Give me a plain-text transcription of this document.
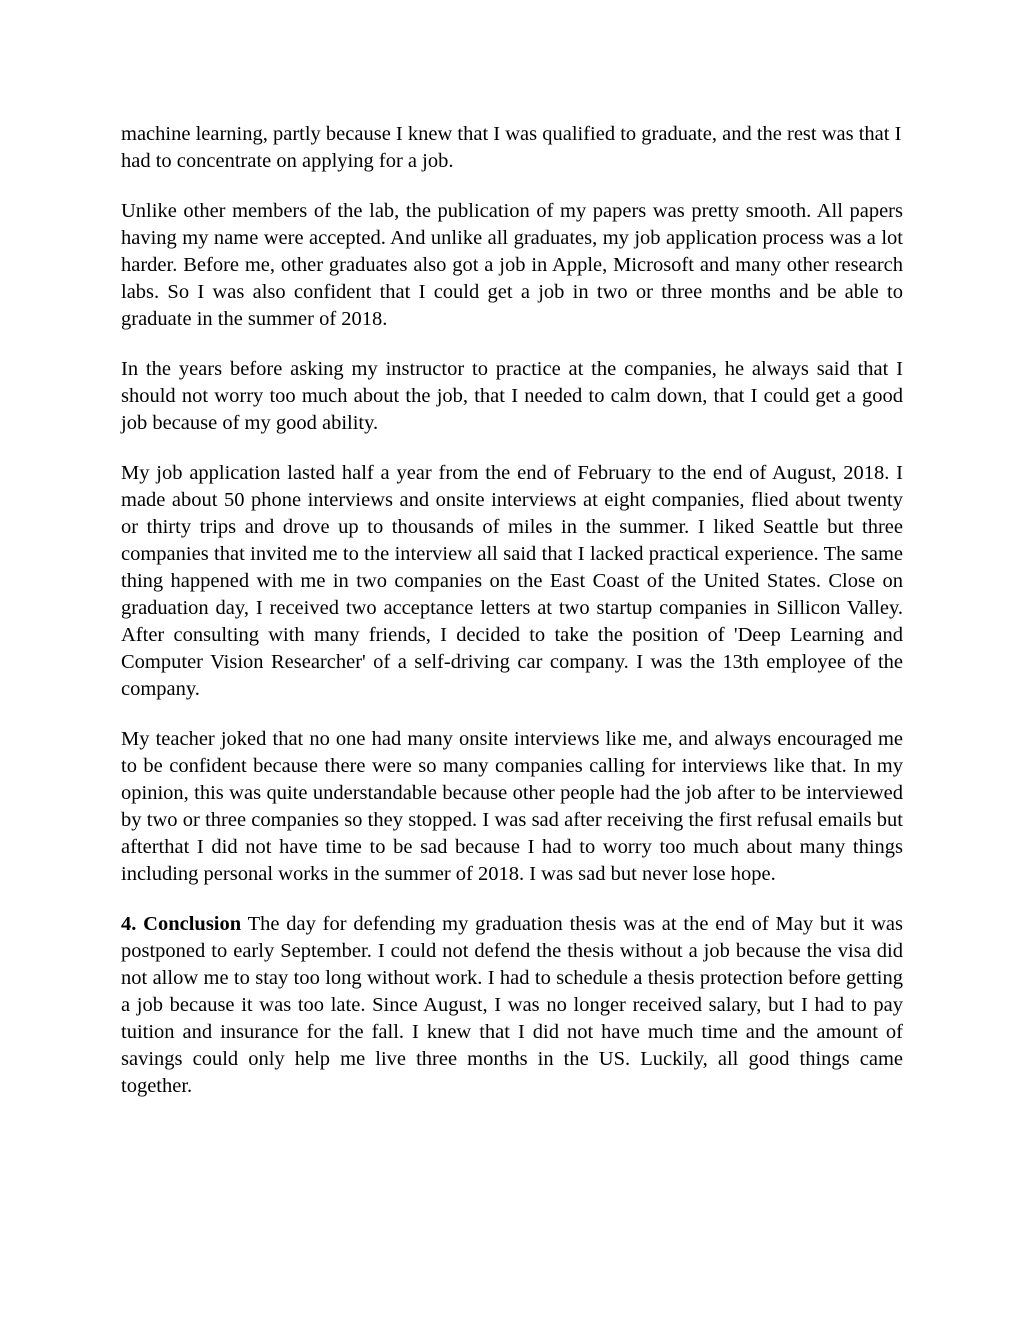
machine learning, partly because I knew that I was qualified to graduate, and the rest was that I had to concentrate on applying for a job.

Unlike other members of the lab, the publication of my papers was pretty smooth. All papers having my name were accepted. And unlike all graduates, my job application process was a lot harder. Before me, other graduates also got a job in Apple, Microsoft and many other research labs. So I was also confident that I could get a job in two or three months and be able to graduate in the summer of 2018.

In the years before asking my instructor to practice at the companies, he always said that I should not worry too much about the job, that I needed to calm down, that I could get a good job because of my good ability.

My job application lasted half a year from the end of February to the end of August, 2018. I made about 50 phone interviews and onsite interviews at eight companies, flied about twenty or thirty trips and drove up to thousands of miles in the summer. I liked Seattle but three companies that invited me to the interview all said that I lacked practical experience. The same thing happened with me in two companies on the East Coast of the United States. Close on graduation day, I received two acceptance letters at two startup companies in Sillicon Valley. After consulting with many friends, I decided to take the position of 'Deep Learning and Computer Vision Researcher' of a self-driving car company. I was the 13th employee of the company.

My teacher joked that no one had many onsite interviews like me, and always encouraged me to be confident because there were so many companies calling for interviews like that. In my opinion, this was quite understandable because other people had the job after to be interviewed by two or three companies so they stopped. I was sad after receiving the first refusal emails but afterthat I did not have time to be sad because I had to worry too much about many things including personal works in the summer of 2018. I was sad but never lose hope.

4. Conclusion The day for defending my graduation thesis was at the end of May but it was postponed to early September. I could not defend the thesis without a job because the visa did not allow me to stay too long without work. I had to schedule a thesis protection before getting a job because it was too late. Since August, I was no longer received salary, but I had to pay tuition and insurance for the fall. I knew that I did not have much time and the amount of savings could only help me live three months in the US. Luckily, all good things came together.
